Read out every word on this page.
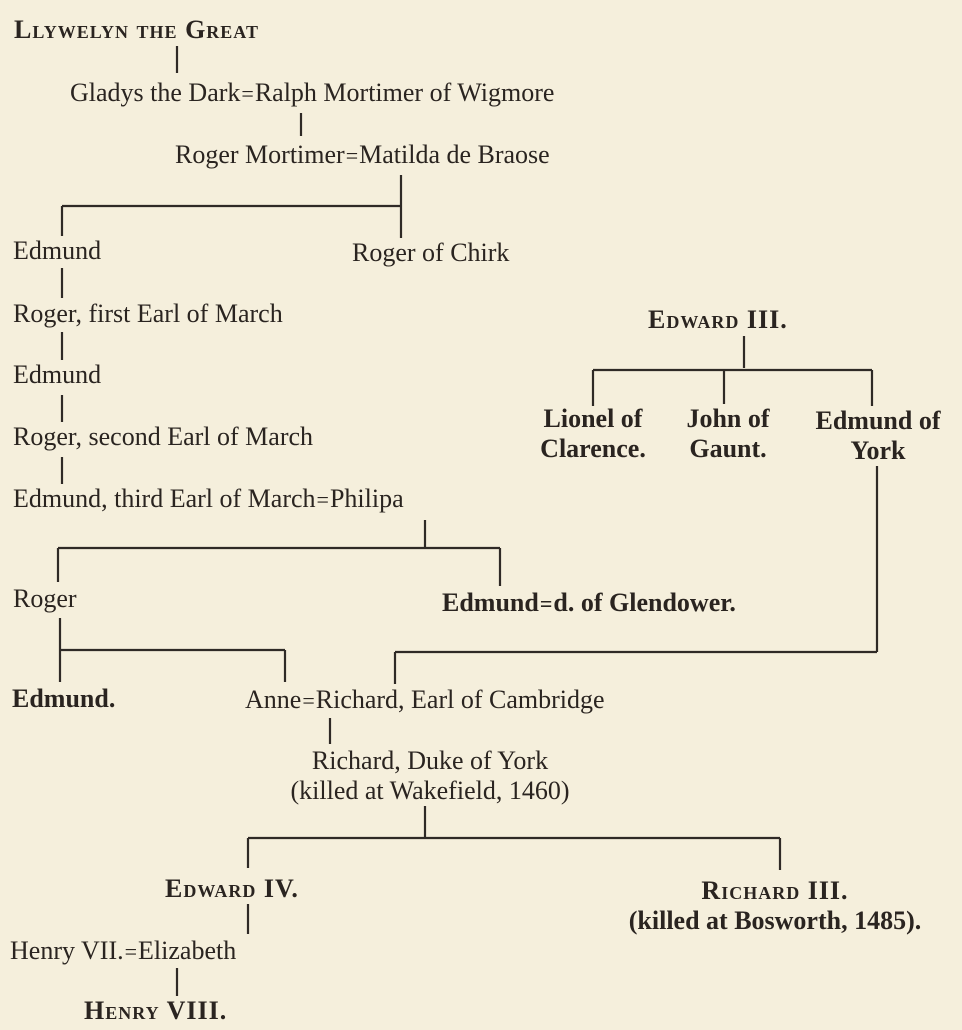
Llywelyn the Great
Gladys the Dark=Ralph Mortimer of Wigmore
Roger Mortimer=Matilda de Braose
Edmund	Roger of Chirk
Roger, first Earl of March
Edmund
Roger, second Earl of March
Edmund, third Earl of March=Philipa
Roger	Edmund=d. of Glendower.
Edmund.	Anne=Richard, Earl of Cambridge
Richard, Duke of York
(killed at Wakefield, 1460)
Edward IV.	Richard III.
(killed at Bosworth, 1485).
Henry VII.=Elizabeth
Henry VIII.
Edward III.
Lionel of
Clarence.
John of
Gaunt.
Edmund of
York
